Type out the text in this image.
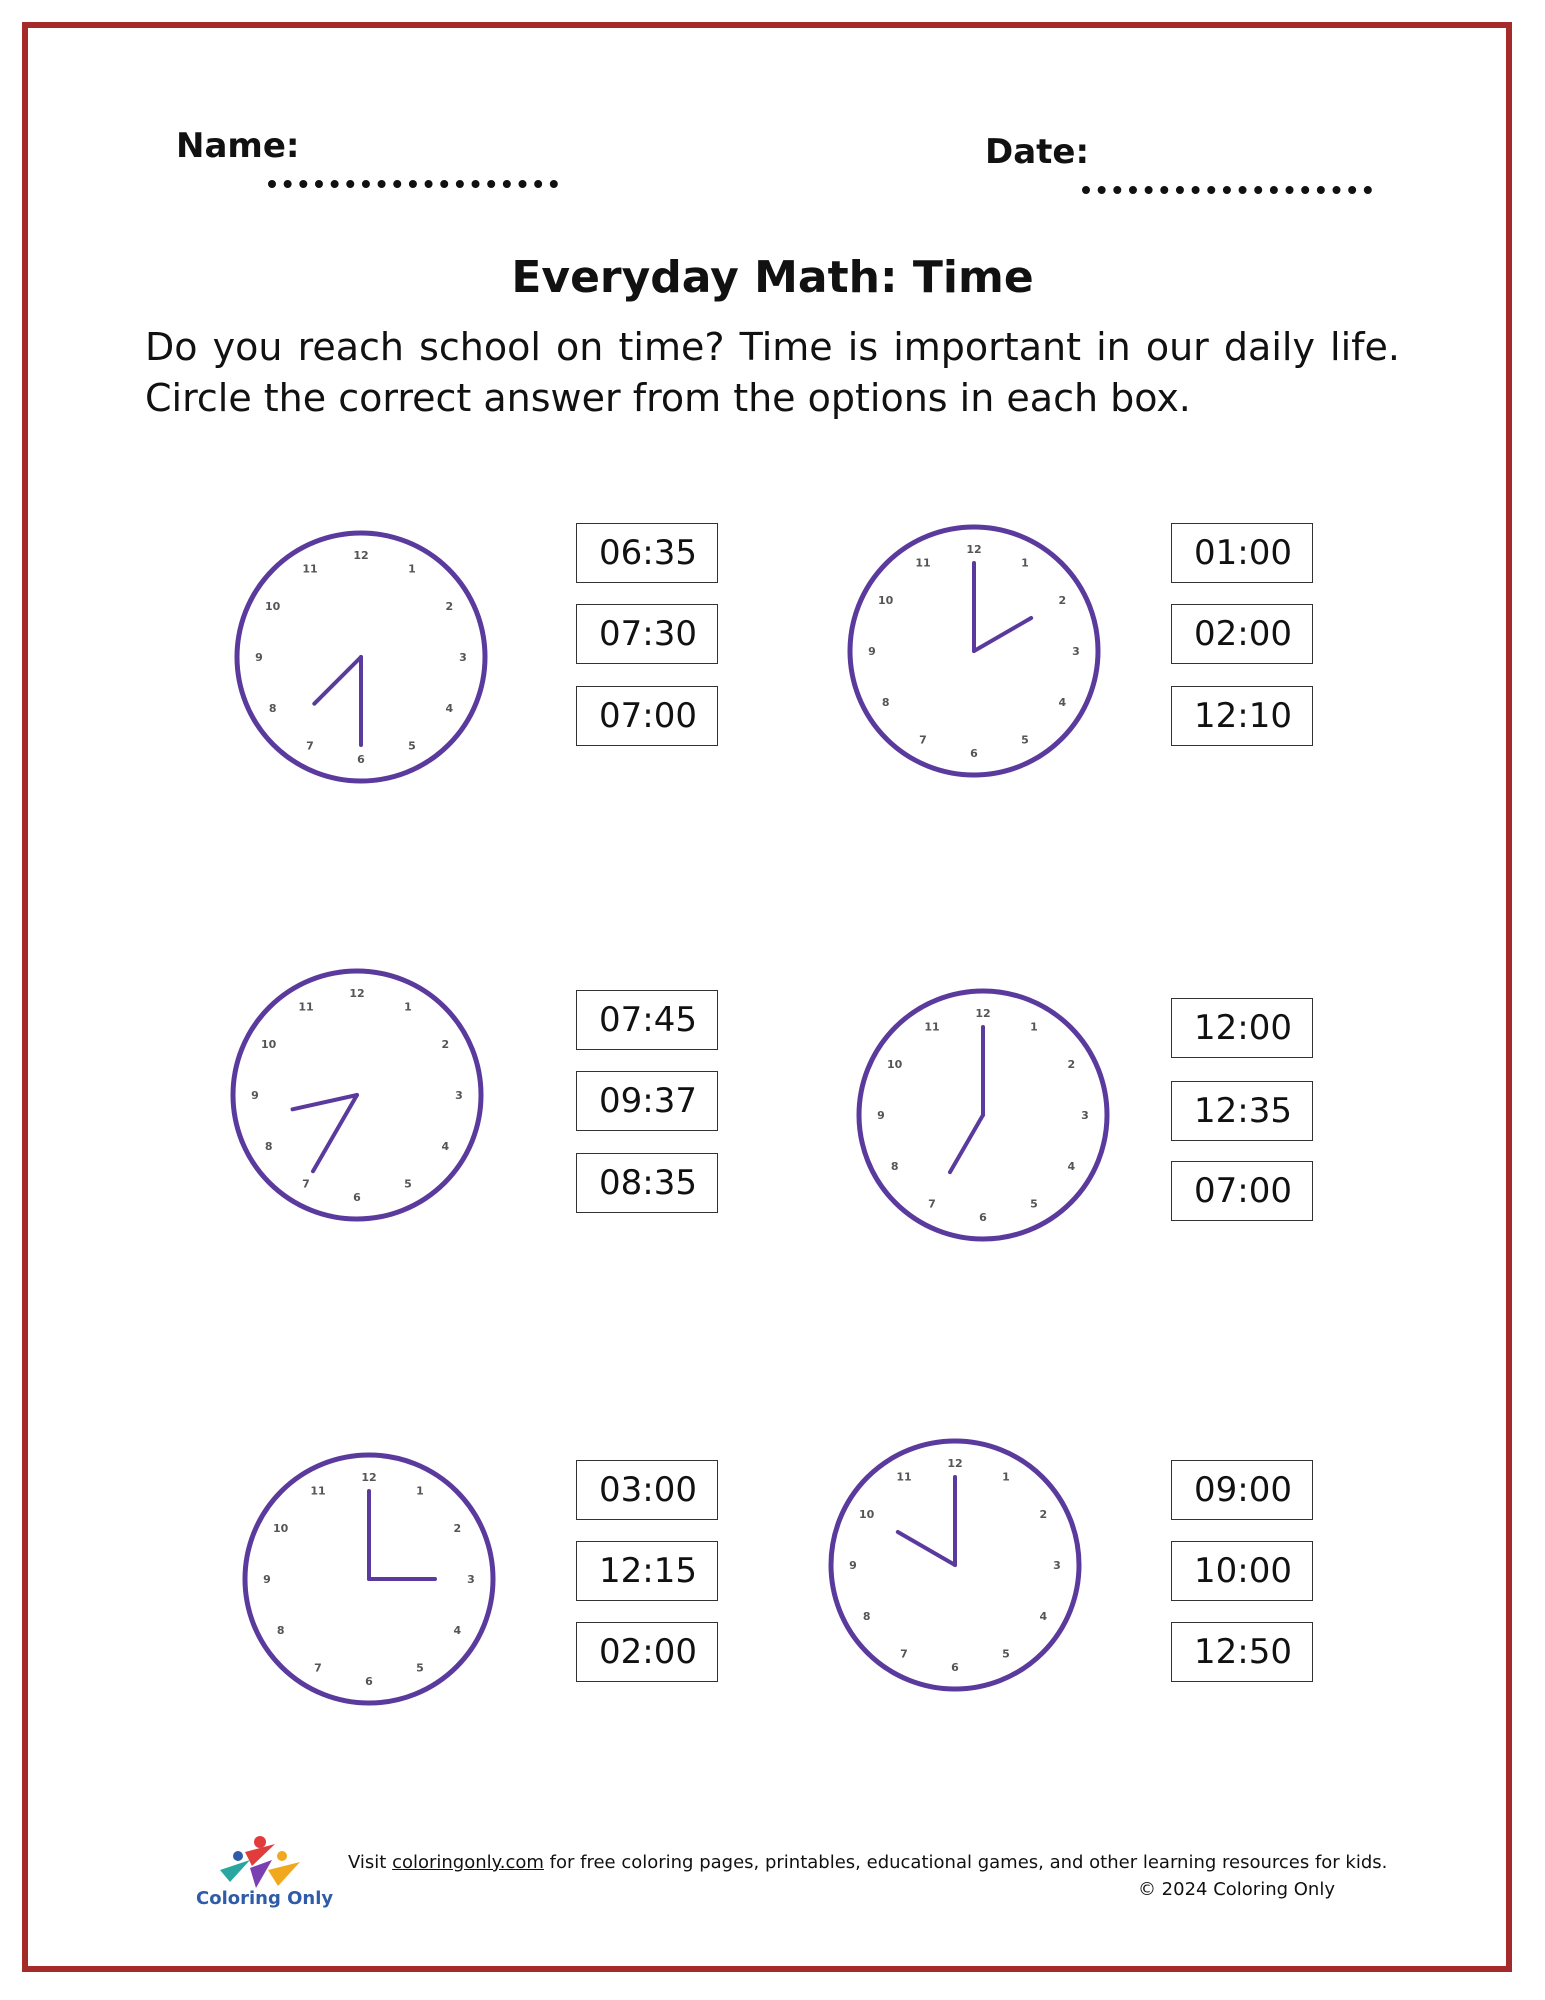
Name:	Date:
Everyday Math: Time
Do you reach school on time? Time is important in our daily life. Circle the correct answer from the options in each box.
12
1
2
3
4
5
6
7
8
9
10
11	06:35
07:30
07:00
12
1
2
3
4
5
6
7
8
9
10
11	01:00
02:00
12:10
12
1
2
3
4
5
6
7
8
9
10
11	07:45
09:37
08:35
12
1
2
3
4
5
6
7
8
9
10
11	12:00
12:35
07:00
12
1
2
3
4
5
6
7
8
9
10
11	03:00
12:15
02:00
12
1
2
3
4
5
6
7
8
9
10
11	09:00
10:00
12:50
Coloring Only
Visit coloringonly.com for free coloring pages, printables, educational games, and other learning resources for kids.
© 2024 Coloring Only
